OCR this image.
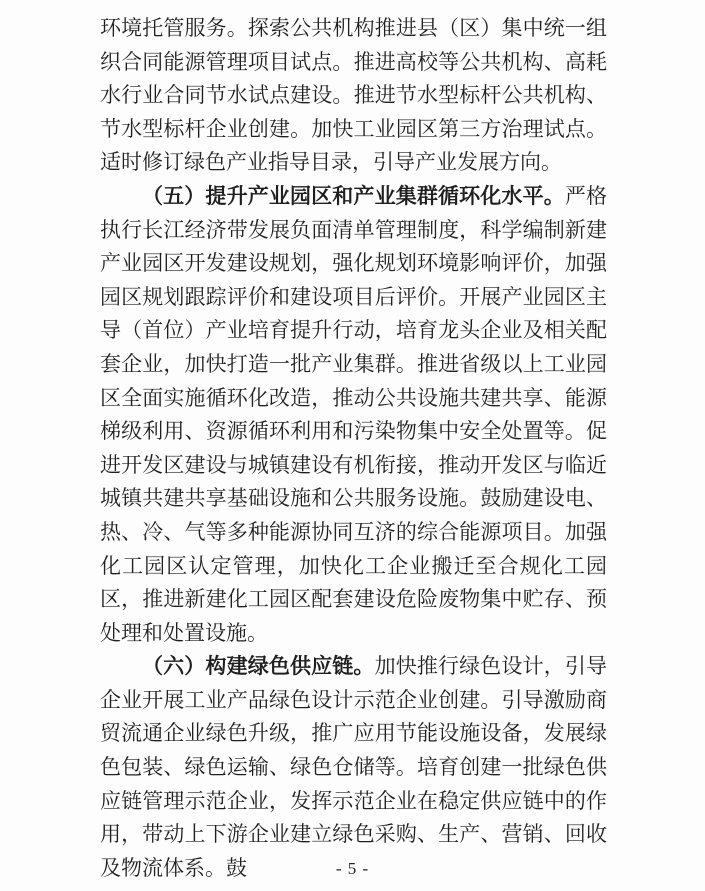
环境托管服务。探索公共机构推进县（区）集中统一组织合同能源管理项目试点。推进高校等公共机构、高耗水行业合同节水试点建设。推进节水型标杆公共机构、节水型标杆企业创建。加快工业园区第三方治理试点。适时修订绿色产业指导目录，引导产业发展方向。

（五）提升产业园区和产业集群循环化水平。严格执行长江经济带发展负面清单管理制度，科学编制新建产业园区开发建设规划，强化规划环境影响评价，加强园区规划跟踪评价和建设项目后评价。开展产业园区主导（首位）产业培育提升行动，培育龙头企业及相关配套企业，加快打造一批产业集群。推进省级以上工业园区全面实施循环化改造，推动公共设施共建共享、能源梯级利用、资源循环利用和污染物集中安全处置等。促进开发区建设与城镇建设有机衔接，推动开发区与临近城镇共建共享基础设施和公共服务设施。鼓励建设电、热、冷、气等多种能源协同互济的综合能源项目。加强化工园区认定管理，加快化工企业搬迁至合规化工园区，推进新建化工园区配套建设危险废物集中贮存、预处理和处置设施。

（六）构建绿色供应链。加快推行绿色设计，引导企业开展工业产品绿色设计示范企业创建。引导激励商贸流通企业绿色升级，推广应用节能设施设备，发展绿色包装、绿色运输、绿色仓储等。培育创建一批绿色供应链管理示范企业，发挥示范企业在稳定供应链中的作用，带动上下游企业建立绿色采购、生产、营销、回收及物流体系。鼓	- 5 -
